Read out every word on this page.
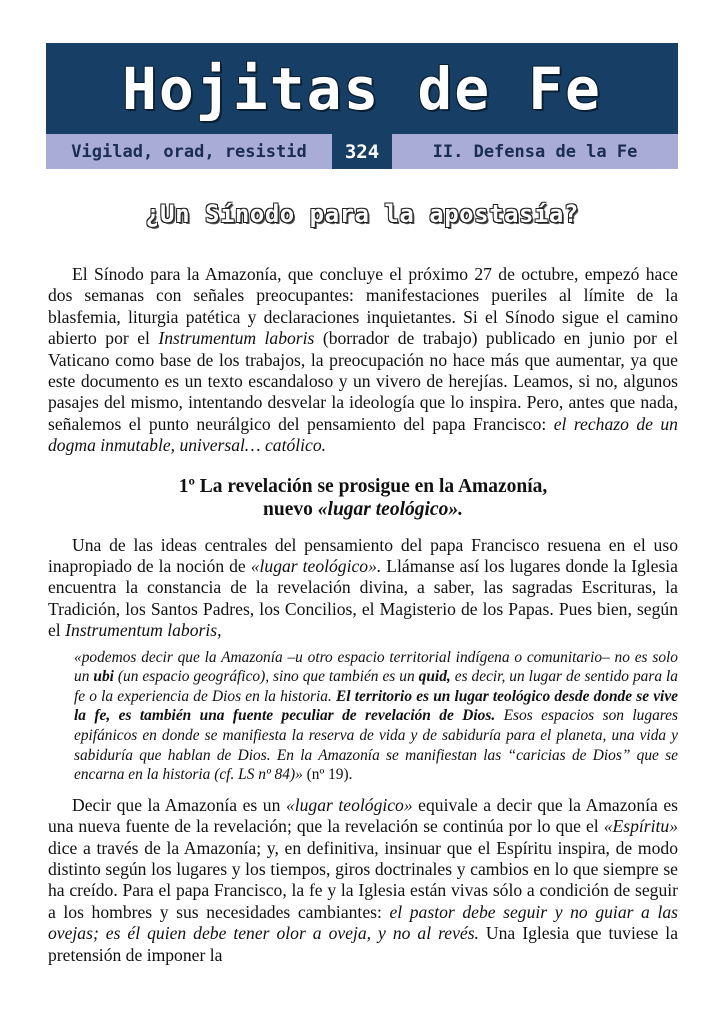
Hojitas de Fe
Vigilad, orad, resistid	324	II. Defensa de la Fe
¿Un Sínodo para la apostasía?

El Sínodo para la Amazonía, que concluye el próximo 27 de octubre, empezó hace dos semanas con señales preocupantes: manifestaciones pueriles al límite de la blasfemia, liturgia patética y declaraciones inquietantes. Si el Sínodo sigue el camino abierto por el Instrumentum laboris (borrador de trabajo) publicado en junio por el Vaticano como base de los trabajos, la preocupación no hace más que aumentar, ya que este documento es un texto escandaloso y un vivero de herejías. Leamos, si no, algunos pasajes del mismo, intentando desvelar la ideología que lo inspira. Pero, antes que nada, señalemos el punto neurálgico del pensamiento del papa Francisco: el rechazo de un dogma inmutable, universal… católico.

1º La revelación se prosigue en la Amazonía,
nuevo «lugar teológico».

Una de las ideas centrales del pensamiento del papa Francisco resuena en el uso inapropiado de la noción de «lugar teológico». Llámanse así los lugares donde la Iglesia encuentra la constancia de la revelación divina, a saber, las sagradas Escrituras, la Tradición, los Santos Padres, los Concilios, el Magisterio de los Papas. Pues bien, según el Instrumentum laboris,

«podemos decir que la Amazonía –u otro espacio territorial indígena o comunitario– no es solo un ubi (un espacio geográfico), sino que también es un quid, es decir, un lugar de sentido para la fe o la experiencia de Dios en la historia. El territorio es un lugar teológico desde donde se vive la fe, es también una fuente peculiar de revelación de Dios. Esos espacios son lugares epifánicos en donde se manifiesta la reserva de vida y de sabiduría para el planeta, una vida y sabiduría que hablan de Dios. En la Amazonía se manifiestan las “caricias de Dios” que se encarna en la historia (cf. LS nº 84)» (nº 19).

Decir que la Amazonía es un «lugar teológico» equivale a decir que la Amazonía es una nueva fuente de la revelación; que la revelación se continúa por lo que el «Espíritu» dice a través de la Amazonía; y, en definitiva, insinuar que el Espíritu inspira, de modo distinto según los lugares y los tiempos, giros doctrinales y cambios en lo que siempre se ha creído. Para el papa Francisco, la fe y la Iglesia están vivas sólo a condición de seguir a los hombres y sus necesidades cambiantes: el pastor debe seguir y no guiar a las ovejas; es él quien debe tener olor a oveja, y no al revés. Una Iglesia que tuviese la pretensión de imponer la
